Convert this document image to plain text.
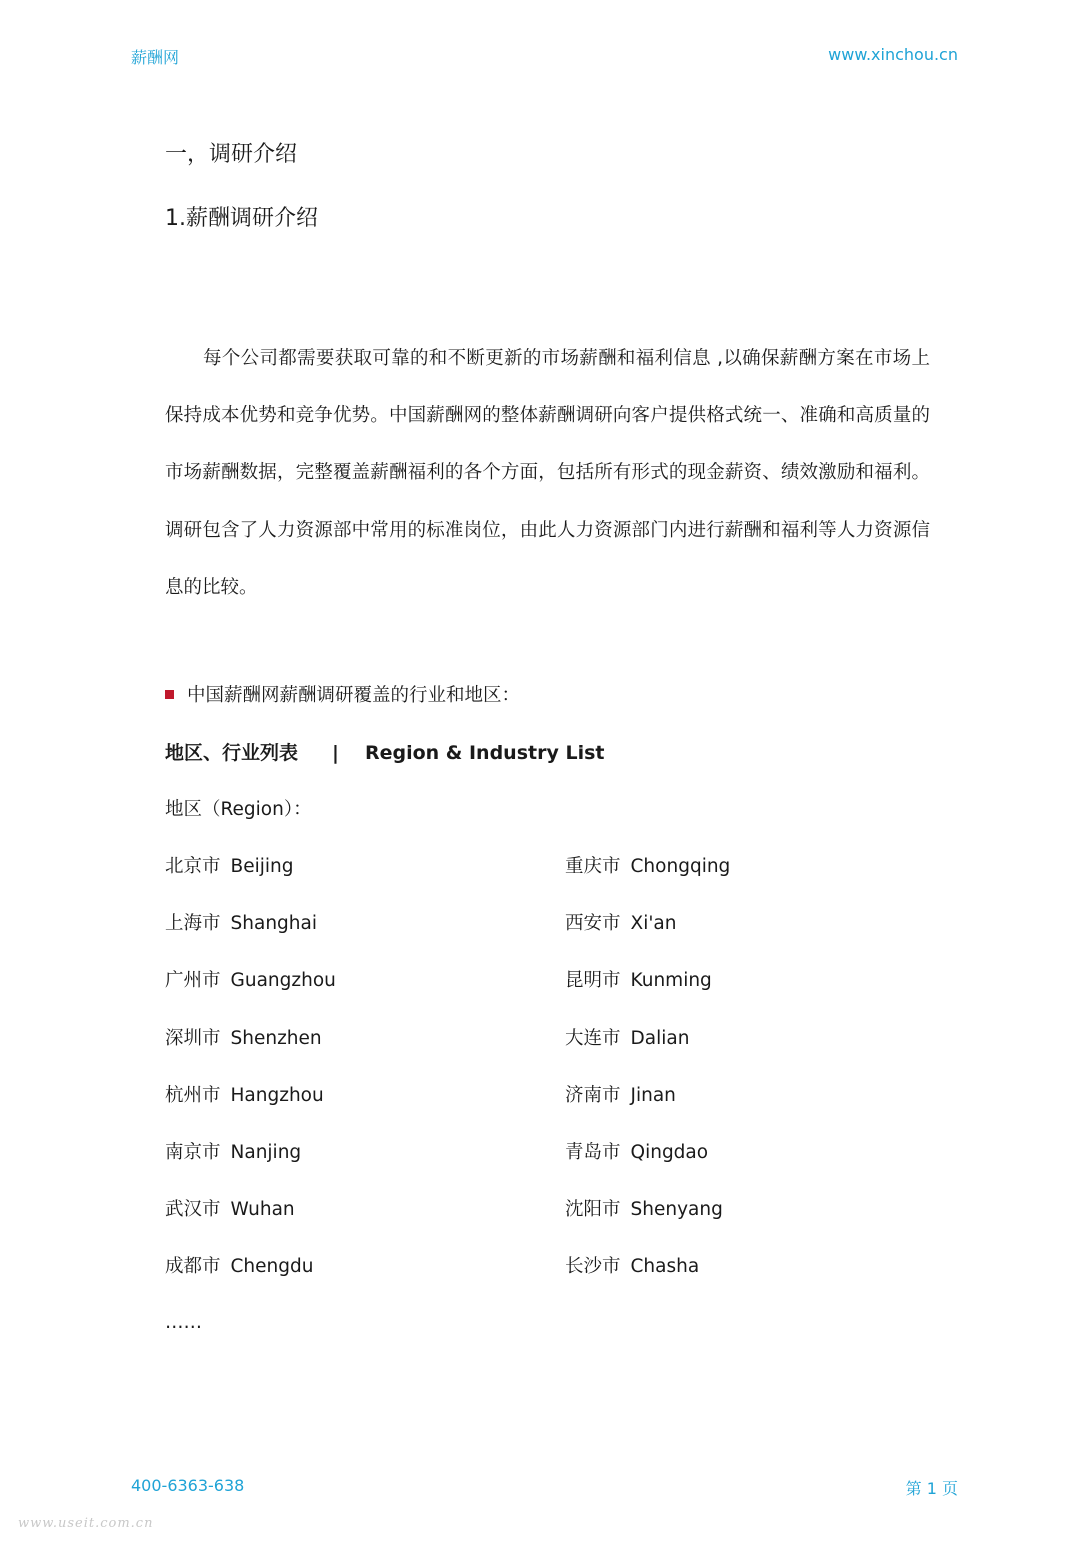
薪酬网	www.xinchou.cn
一，调研介绍
1.薪酬调研介绍

每个公司都需要获取可靠的和不断更新的市场薪酬和福利信息 ,以确保薪酬方案在市场上保持成本优势和竞争优势。中国薪酬网的整体薪酬调研向客户提供格式统一、准确和高质量的市场薪酬数据，完整覆盖薪酬福利的各个方面，包括所有形式的现金薪资、绩效激励和福利。调研包含了人力资源部中常用的标准岗位，由此人力资源部门内进行薪酬和福利等人力资源信息的比较。

中国薪酬网薪酬调研覆盖的行业和地区：
地区、行业列表 | Region & Industry List
地区（Region）：
北京市 Beijing	重庆市 Chongqing
上海市 Shanghai	西安市 Xi'an
广州市 Guangzhou	昆明市 Kunming
深圳市 Shenzhen	大连市 Dalian
杭州市 Hangzhou	济南市 Jinan
南京市 Nanjing	青岛市 Qingdao
武汉市 Wuhan	沈阳市 Shenyang
成都市 Chengdu	长沙市 Chasha
……
400-6363-638	第 1 页
www.useit.com.cn
